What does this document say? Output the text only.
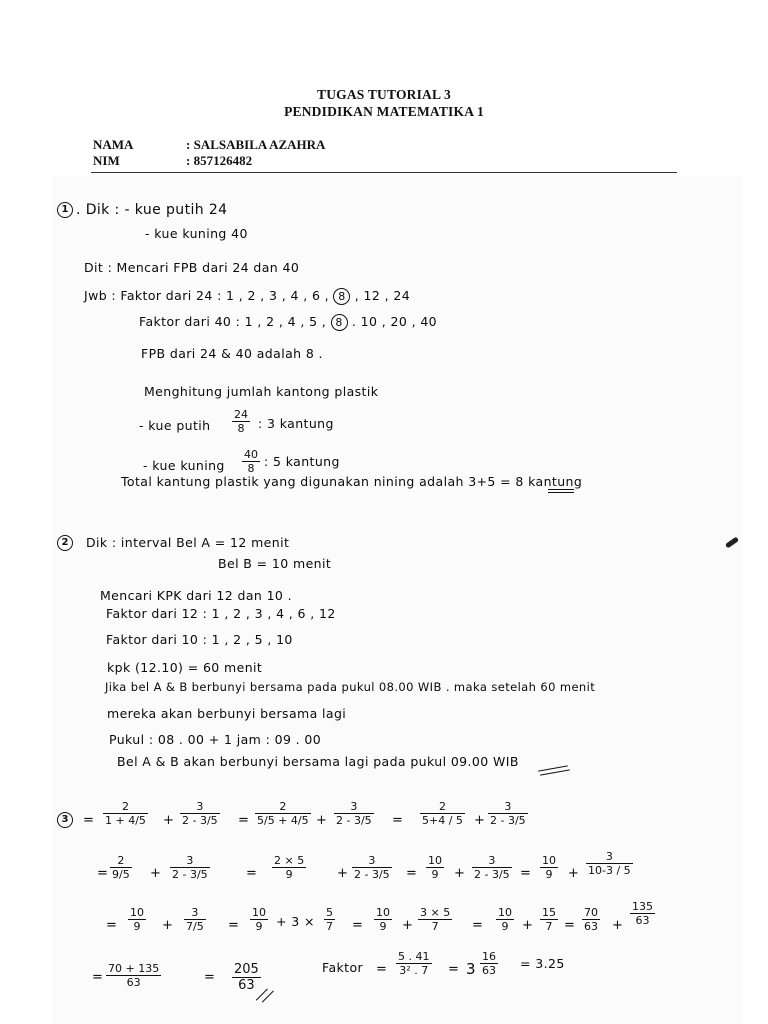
TUGAS TUTORIAL 3
PENDIDIKAN MATEMATIKA 1
NAMA	: SALSABILA AZAHRA
NIM	: 857126482
1 . Dik : - kue putih 24
- kue kuning 40
Dit : Mencari FPB dari 24 dan 40
Jwb : Faktor dari 24 : 1 , 2 , 3 , 4 , 6 , 8 , 12 , 24
Faktor dari 40 : 1 , 2 , 4 , 5 , 8 . 10 , 20 , 40
FPB dari 24 & 40 adalah 8 .
Menghitung jumlah kantong plastik
- kue putih
24
8 : 3 kantung
- kue kuning
40
8 : 5 kantung
Total kantung plastik yang digunakan nining adalah 3+5 = 8 kantung
2	Dik : interval Bel A = 12 menit
Bel B = 10 menit
Mencari KPK dari 12 dan 10 .
Faktor dari 12 : 1 , 2 , 3 , 4 , 6 , 12
Faktor dari 10 : 1 , 2 , 5 , 10
kpk (12.10) = 60 menit
Jika bel A & B berbunyi bersama pada pukul 08.00 WIB . maka setelah 60 menit
mereka akan berbunyi bersama lagi
Pukul : 08 . 00 + 1 jam : 09 . 00
Bel A & B akan berbunyi bersama lagi pada pukul 09.00 WIB
3	=
2
1 + 4/5 +
3
2 - 3/5 =
2
5/5 + 4/5 +
3
2 - 3/5 =
2
5+4 / 5 +
3
2 - 3/5
=
2
9/5 +
3
2 - 3/5	=
2 × 5
9	+
3
2 - 3/5 =
10
9 +
3
2 - 3/5 =
10
9 +
3
10-3 / 5
=
10
9 +
3
7/5 =
10
9 + 3 ×
5
7 =
10
9 +
3 × 5
7	=
10
9 +
15
7 =
70
63 +
135
63
=
70 + 135
63	=
205
63
Faktor =
5 . 41
3² . 7 = 3
16
63 = 3.25
